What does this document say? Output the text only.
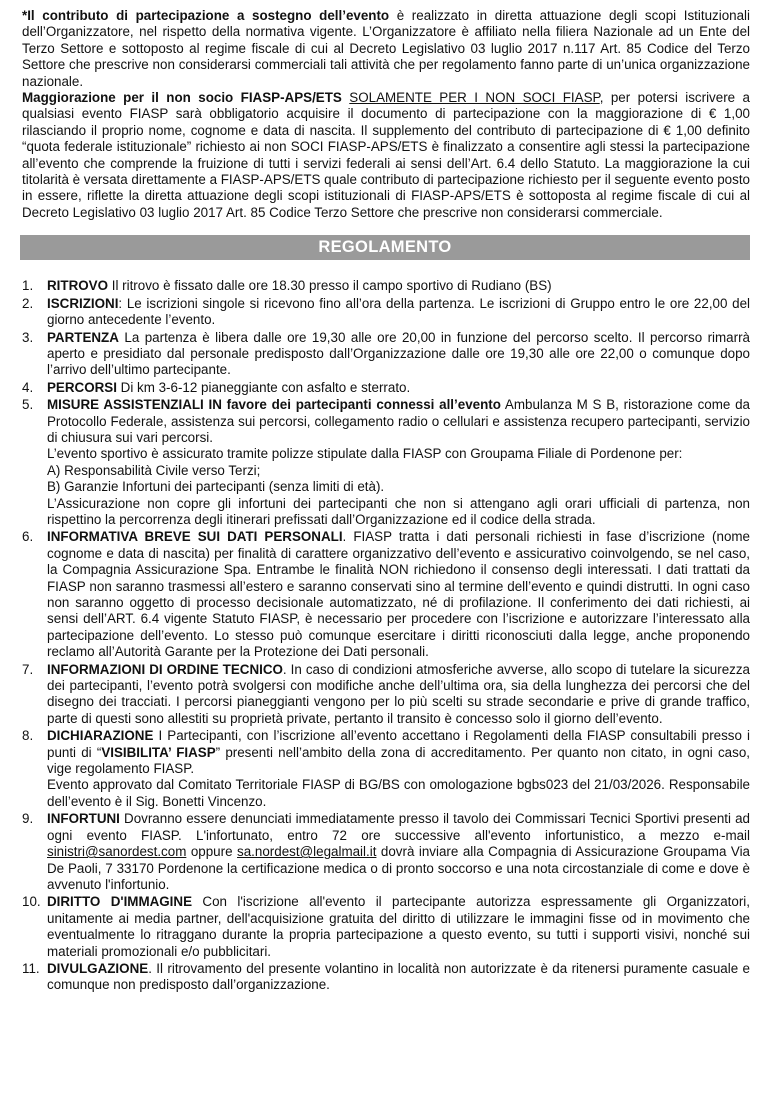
*Il contributo di partecipazione a sostegno dell’evento è realizzato in diretta attuazione degli scopi Istituzionali dell’Organizzatore, nel rispetto della normativa vigente. L’Organizzatore è affiliato nella filiera Nazionale ad un Ente del Terzo Settore e sottoposto al regime fiscale di cui al Decreto Legislativo 03 luglio 2017 n.117 Art. 85 Codice del Terzo Settore che prescrive non considerarsi commerciali tali attività che per regolamento fanno parte di un’unica organizzazione nazionale.

Maggiorazione per il non socio FIASP-APS/ETS SOLAMENTE PER I NON SOCI FIASP, per potersi iscrivere a qualsiasi evento FIASP sarà obbligatorio acquisire il documento di partecipazione con la maggiorazione di € 1,00 rilasciando il proprio nome, cognome e data di nascita. Il supplemento del contributo di partecipazione di € 1,00 definito “quota federale istituzionale” richiesto ai non SOCI FIASP-APS/ETS è finalizzato a consentire agli stessi la partecipazione all’evento che comprende la fruizione di tutti i servizi federali ai sensi dell’Art. 6.4 dello Statuto. La maggiorazione la cui titolarità è versata direttamente a FIASP-APS/ETS quale contributo di partecipazione richiesto per il seguente evento posto in essere, riflette la diretta attuazione degli scopi istituzionali di FIASP-APS/ETS è sottoposta al regime fiscale di cui al Decreto Legislativo 03 luglio 2017 Art. 85 Codice Terzo Settore che prescrive non considerarsi commerciale.

REGOLAMENTO
1.	RITROVO Il ritrovo è fissato dalle ore 18.30 presso il campo sportivo di Rudiano (BS)
2.	ISCRIZIONI: Le iscrizioni singole si ricevono fino all’ora della partenza. Le iscrizioni di Gruppo entro le ore 22,00 del giorno antecedente l’evento.
3.	PARTENZA La partenza è libera dalle ore 19,30 alle ore 20,00 in funzione del percorso scelto. Il percorso rimarrà aperto e presidiato dal personale predisposto dall’Organizzazione dalle ore 19,30 alle ore 22,00 o comunque dopo l’arrivo dell’ultimo partecipante.
4.	PERCORSI Di km 3-6-12 pianeggiante con asfalto e sterrato.
5.	MISURE ASSISTENZIALI IN favore dei partecipanti connessi all’evento Ambulanza M S B, ristorazione come da Protocollo Federale, assistenza sui percorsi, collegamento radio o cellulari e assistenza recupero partecipanti, servizio di chiusura sui vari percorsi.
L’evento sportivo è assicurato tramite polizze stipulate dalla FIASP con Groupama Filiale di Pordenone per:
A) Responsabilità Civile verso Terzi;
B) Garanzie Infortuni dei partecipanti (senza limiti di età).
L’Assicurazione non copre gli infortuni dei partecipanti che non si attengano agli orari ufficiali di partenza, non rispettino la percorrenza degli itinerari prefissati dall’Organizzazione ed il codice della strada.
6.	INFORMATIVA BREVE SUI DATI PERSONALI. FIASP tratta i dati personali richiesti in fase d’iscrizione (nome cognome e data di nascita) per finalità di carattere organizzativo dell’evento e assicurativo coinvolgendo, se nel caso, la Compagnia Assicurazione Spa. Entrambe le finalità NON richiedono il consenso degli interessati. I dati trattati da FIASP non saranno trasmessi all’estero e saranno conservati sino al termine dell’evento e quindi distrutti. In ogni caso non saranno oggetto di processo decisionale automatizzato, né di profilazione. Il conferimento dei dati richiesti, ai sensi dell’ART. 6.4 vigente Statuto FIASP, è necessario per procedere con l’iscrizione e autorizzare l’interessato alla partecipazione dell’evento. Lo stesso può comunque esercitare i diritti riconosciuti dalla legge, anche proponendo reclamo all’Autorità Garante per la Protezione dei Dati personali.
7.	INFORMAZIONI DI ORDINE TECNICO. In caso di condizioni atmosferiche avverse, allo scopo di tutelare la sicurezza dei partecipanti, l’evento potrà svolgersi con modifiche anche dell’ultima ora, sia della lunghezza dei percorsi che del disegno dei tracciati. I percorsi pianeggianti vengono per lo più scelti su strade secondarie e prive di grande traffico, parte di questi sono allestiti su proprietà private, pertanto il transito è concesso solo il giorno dell’evento.
8.	DICHIARAZIONE I Partecipanti, con l’iscrizione all’evento accettano i Regolamenti della FIASP consultabili presso i punti di “VISIBILITA’ FIASP” presenti nell’ambito della zona di accreditamento. Per quanto non citato, in ogni caso, vige regolamento FIASP.
Evento approvato dal Comitato Territoriale FIASP di BG/BS con omologazione bgbs023 del 21/03/2026. Responsabile dell’evento è il Sig. Bonetti Vincenzo.
9.	INFORTUNI Dovranno essere denunciati immediatamente presso il tavolo dei Commissari Tecnici Sportivi presenti ad ogni evento FIASP. L'infortunato, entro 72 ore successive all'evento infortunistico, a mezzo e-mail sinistri@sanordest.com oppure sa.nordest@legalmail.it dovrà inviare alla Compagnia di Assicurazione Groupama Via De Paoli, 7 33170 Pordenone la certificazione medica o di pronto soccorso e una nota circostanziale di come e dove è avvenuto l'infortunio.
10. DIRITTO D'IMMAGINE Con l'iscrizione all'evento il partecipante autorizza espressamente gli Organizzatori, unitamente ai media partner, dell'acquisizione gratuita del diritto di utilizzare le immagini fisse od in movimento che eventualmente lo ritraggano durante la propria partecipazione a questo evento, su tutti i supporti visivi, nonché sui materiali promozionali e/o pubblicitari.
11. DIVULGAZIONE. Il ritrovamento del presente volantino in località non autorizzate è da ritenersi puramente casuale e comunque non predisposto dall’organizzazione.
